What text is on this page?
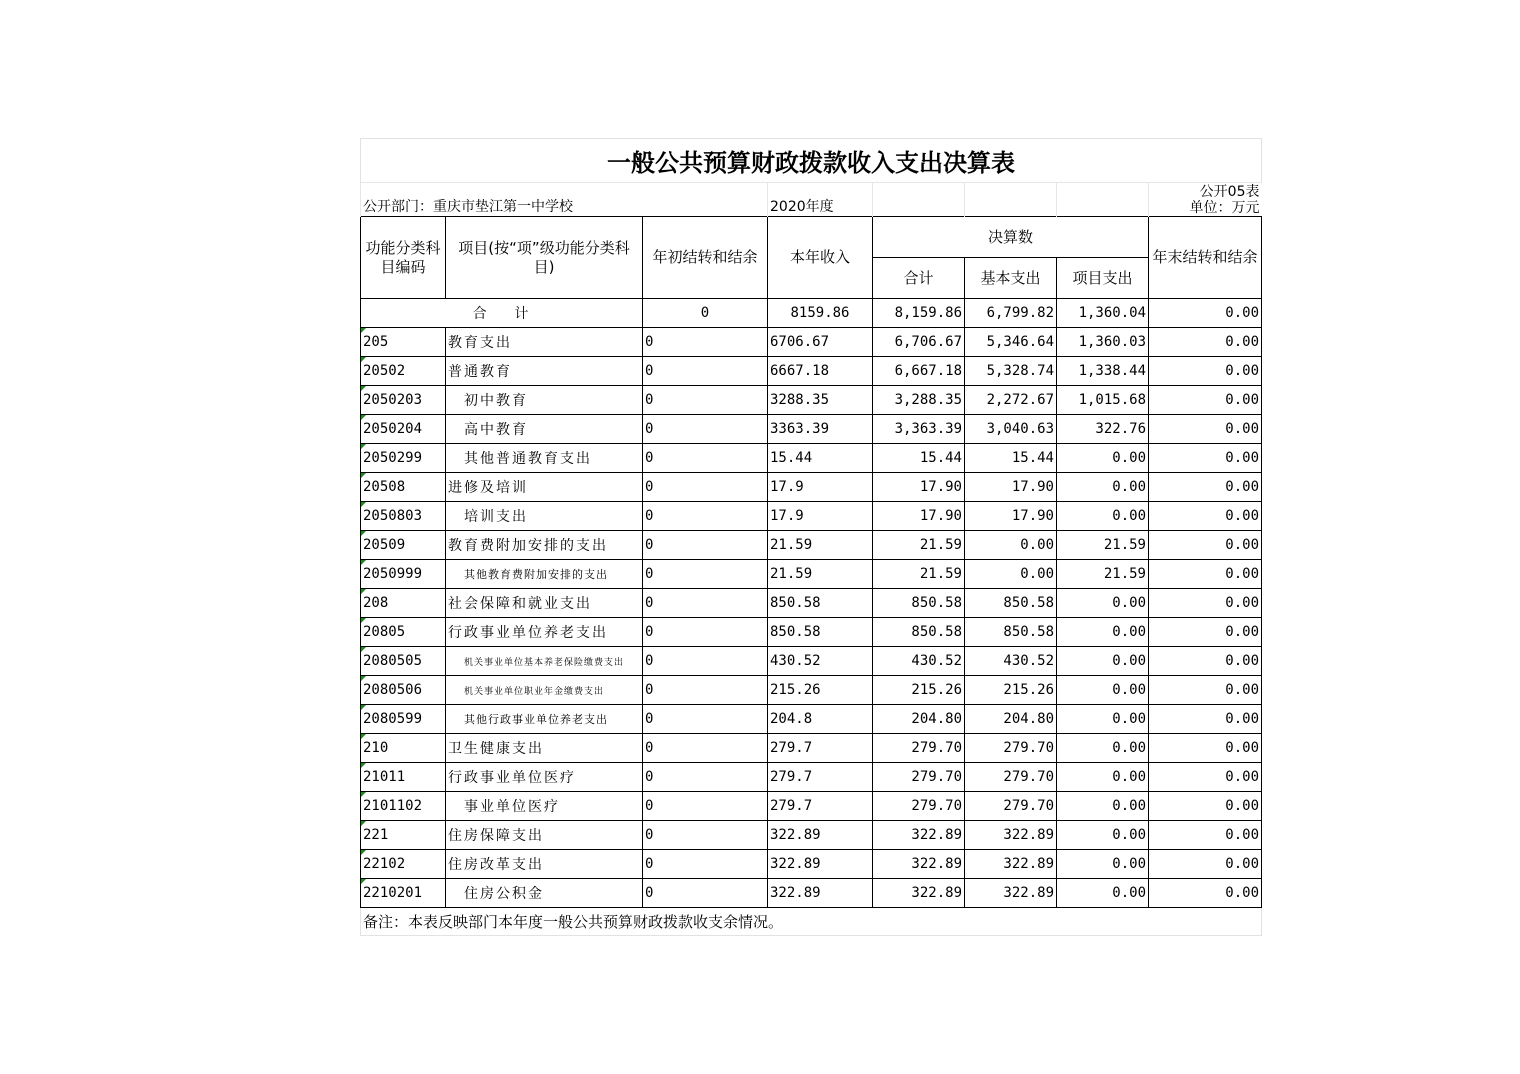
一般公共预算财政拨款收入支出决算表							
公开部门：重庆市垫江第一中学校			2020年度				公开05表
单位：万元
功能分类科目编码	项目(按“项”级功能分类科目)	年初结转和结余	本年收入	决算数			年末结转和结余
				合计	基本支出	项目支出	
合    计		0	8159.86	8,159.86	6,799.82	1,360.04	0.00
205	教育支出	0	6706.67	6,706.67	5,346.64	1,360.03	0.00
20502	普通教育	0	6667.18	6,667.18	5,328.74	1,338.44	0.00
2050203	初中教育	0	3288.35	3,288.35	2,272.67	1,015.68	0.00
2050204	高中教育	0	3363.39	3,363.39	3,040.63	322.76	0.00
2050299	其他普通教育支出	0	15.44	15.44	15.44	0.00	0.00
20508	进修及培训	0	17.9	17.90	17.90	0.00	0.00
2050803	培训支出	0	17.9	17.90	17.90	0.00	0.00
20509	教育费附加安排的支出	0	21.59	21.59	0.00	21.59	0.00
2050999	其他教育费附加安排的支出	0	21.59	21.59	0.00	21.59	0.00
208	社会保障和就业支出	0	850.58	850.58	850.58	0.00	0.00
20805	行政事业单位养老支出	0	850.58	850.58	850.58	0.00	0.00
2080505	机关事业单位基本养老保险缴费支出	0	430.52	430.52	430.52	0.00	0.00
2080506	机关事业单位职业年金缴费支出	0	215.26	215.26	215.26	0.00	0.00
2080599	其他行政事业单位养老支出	0	204.8	204.80	204.80	0.00	0.00
210	卫生健康支出	0	279.7	279.70	279.70	0.00	0.00
21011	行政事业单位医疗	0	279.7	279.70	279.70	0.00	0.00
2101102	事业单位医疗	0	279.7	279.70	279.70	0.00	0.00
221	住房保障支出	0	322.89	322.89	322.89	0.00	0.00
22102	住房改革支出	0	322.89	322.89	322.89	0.00	0.00
2210201	住房公积金	0	322.89	322.89	322.89	0.00	0.00
备注：本表反映部门本年度一般公共预算财政拨款收支余情况。							
